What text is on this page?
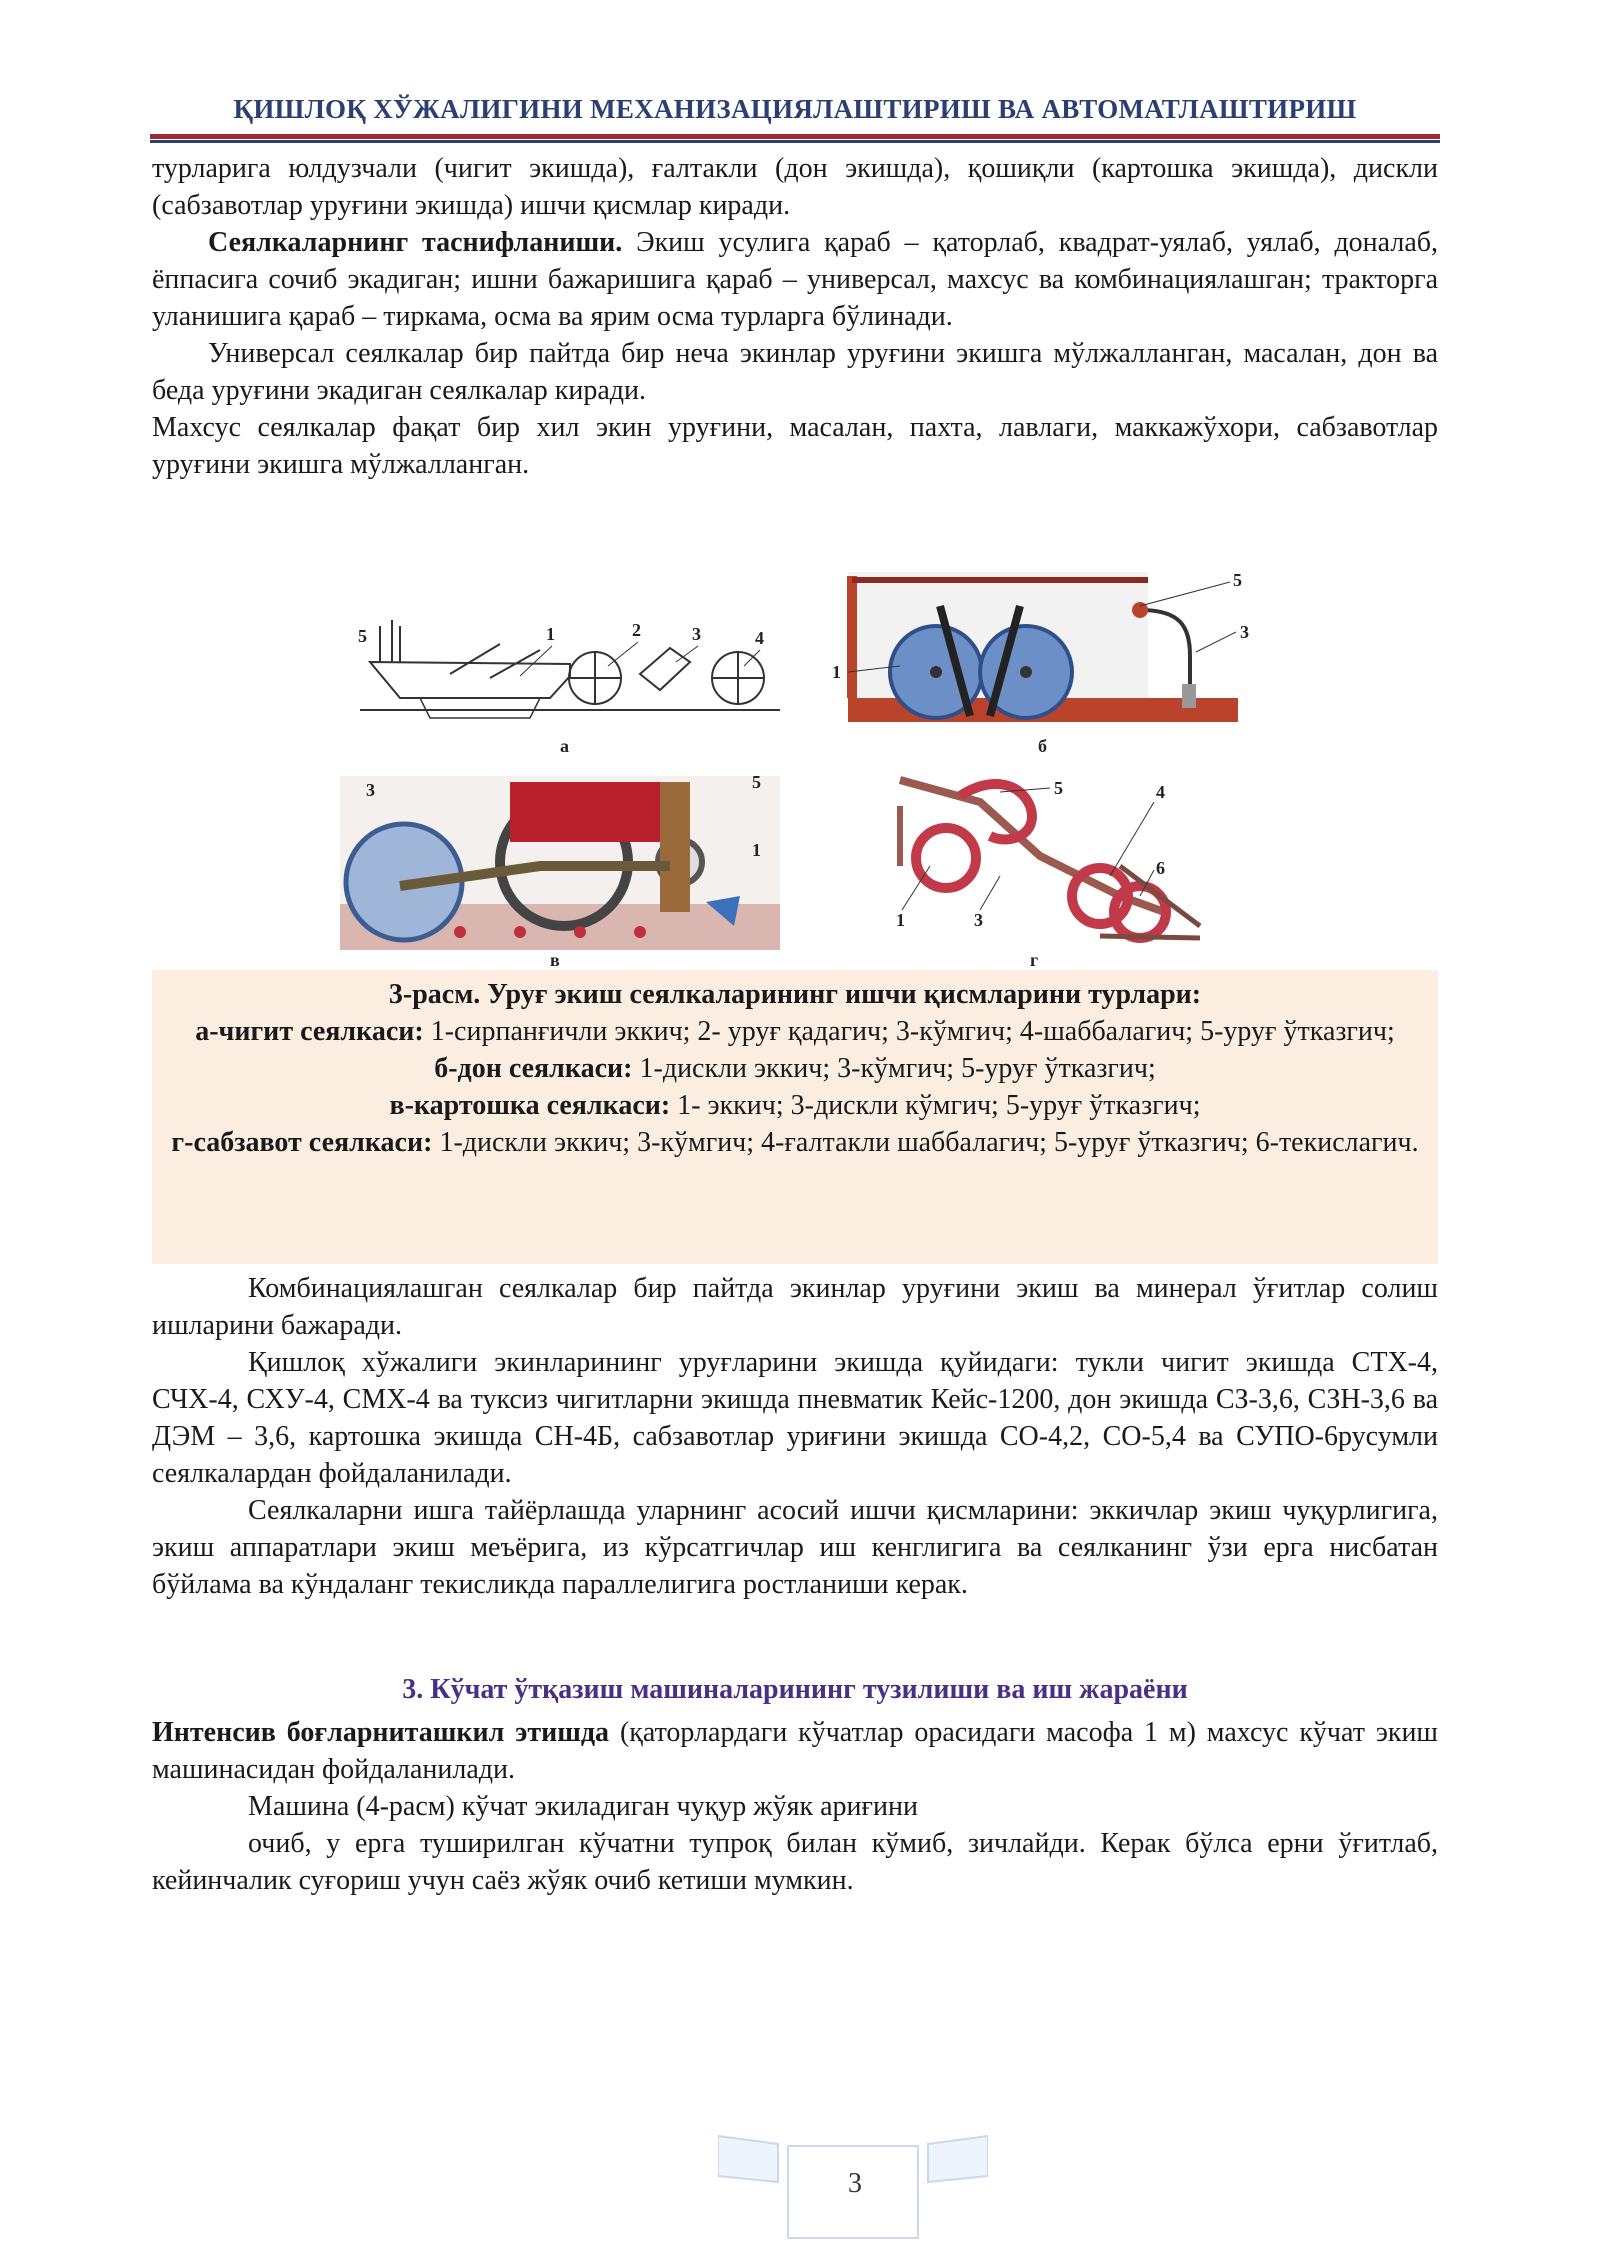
ҚИШЛОҚ ХЎЖАЛИГИНИ МЕХАНИЗАЦИЯЛАШТИРИШ ВА АВТОМАТЛАШТИРИШ

турларига юлдузчали (чигит экишда), ғалтакли (дон экишда), қошиқли (картошка экишда), дискли (сабзавотлар уруғини экишда) ишчи қисмлар киради.

Сеялкаларнинг таснифланиши. Экиш усулига қараб – қаторлаб, квадрат-уялаб, уялаб, доналаб, ёппасига сочиб экадиган; ишни бажаришига қараб – универсал, махсус ва комбинациялашган; тракторга уланишига қараб – тиркама, осма ва ярим осма турларга бўлинади.

Универсал сеялкалар бир пайтда бир неча экинлар уруғини экишга мўлжалланган, масалан, дон ва беда уруғини экадиган сеялкалар киради.

Махсус сеялкалар фақат бир хил экин уруғини, масалан, пахта, лавлаги, маккажўхори, сабзавотлар уруғини экишга мўлжалланган.

5	1	2	3	4
а
5
3
1
б
3	5
1
в
5	4
6
1	3
г
3-расм. Уруғ экиш сеялкаларининг ишчи қисмларини турлари:
а-чигит сеялкаси: 1-сирпанғичли эккич; 2- уруғ қадагич; 3-кўмгич; 4-шаббалагич; 5-уруғ ўтказгич;
б-дон сеялкаси: 1-дискли эккич; 3-кўмгич; 5-уруғ ўтказгич;
в-картошка сеялкаси: 1- эккич; 3-дискли кўмгич; 5-уруғ ўтказгич;
г-сабзавот сеялкаси: 1-дискли эккич; 3-кўмгич; 4-ғалтакли шаббалагич; 5-уруғ ўтказгич; 6-текислагич.

Комбинациялашган сеялкалар бир пайтда экинлар уруғини экиш ва минерал ўғитлар солиш ишларини бажаради.

Қишлоқ хўжалиги экинларининг уруғларини экишда қуйидаги: тукли чигит экишда СТХ-4, СЧХ-4, СХУ-4, СМХ-4 ва туксиз чигитларни экишда пневматик Кейс-1200, дон экишда СЗ-3,6, СЗН-3,6 ва ДЭМ – 3,6, картошка экишда СН-4Б, сабзавотлар уриғини экишда СО-4,2, СО-5,4 ва СУПО-6русумли сеялкалардан фойдаланилади.

Сеялкаларни ишга тайёрлашда уларнинг асосий ишчи қисмларини: эккичлар экиш чуқурлигига, экиш аппаратлари экиш меъёрига, из кўрсатгичлар иш кенглигига ва сеялканинг ўзи ерга нисбатан бўйлама ва кўндаланг текисликда параллелигига ростланиши керак.

3. Кўчат ўтқазиш машиналарининг тузилиши ва иш жараёни

Интенсив боғларниташкил этишда (қаторлардаги кўчатлар орасидаги масофа 1 м) махсус кўчат экиш машинасидан фойдаланилади.

Машина (4-расм) кўчат экиладиган чуқур жўяк ариғини

очиб, у ерга туширилган кўчатни тупроқ билан кўмиб, зичлайди. Керак бўлса ерни ўғитлаб, кейинчалик суғориш учун саёз жўяк очиб кетиши мумкин.

3
